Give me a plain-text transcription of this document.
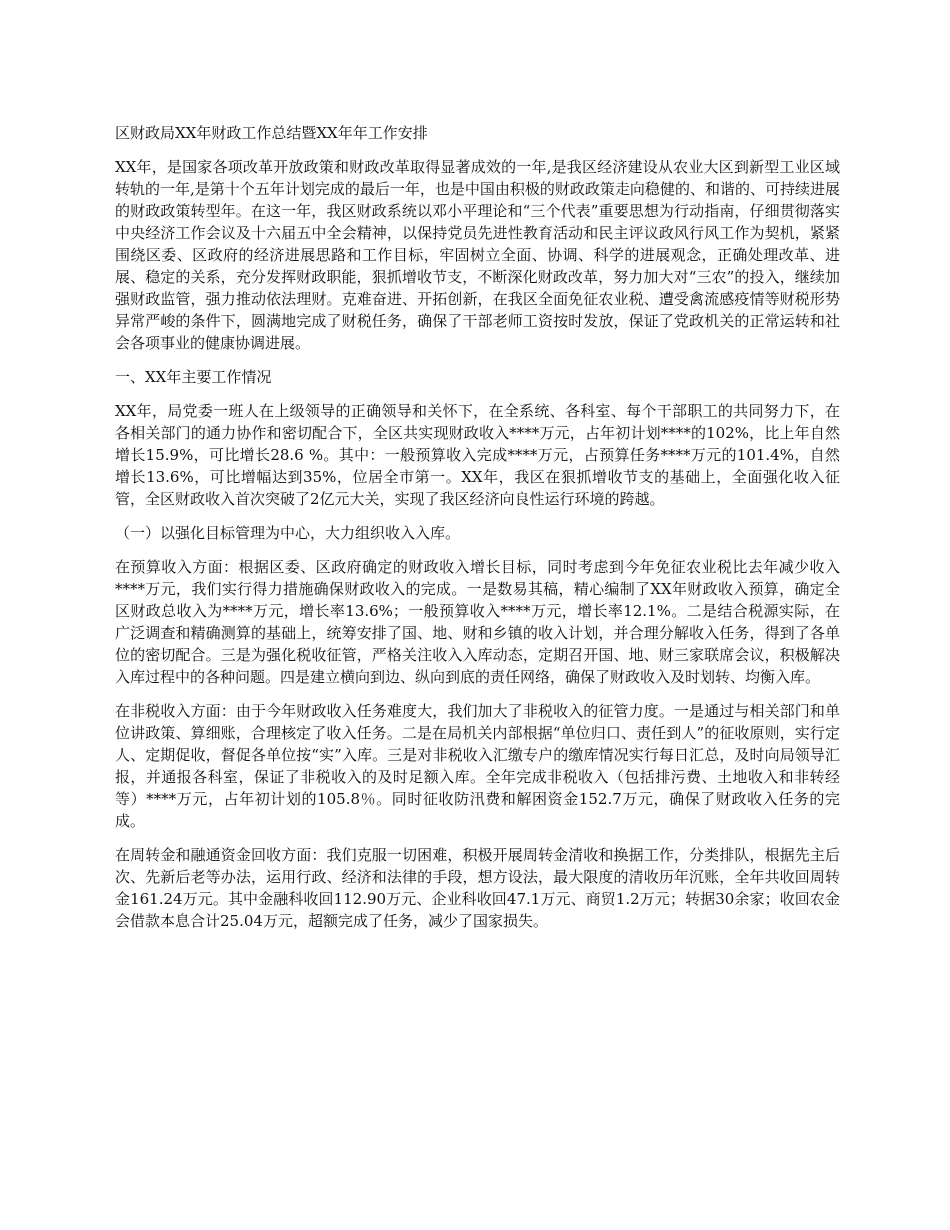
区财政局XX年财政工作总结暨XX年年工作安排

XX年，是国家各项改革开放政策和财政改革取得显著成效的一年,是我区经济建设从农业大区到新型工业区域转轨的一年,是第十个五年计划完成的最后一年，也是中国由积极的财政政策走向稳健的、和谐的、可持续进展的财政政策转型年。在这一年，我区财政系统以邓小平理论和“三个代表”重要思想为行动指南，仔细贯彻落实中央经济工作会议及十六届五中全会精神，以保持党员先进性教育活动和民主评议政风行风工作为契机，紧紧围绕区委、区政府的经济进展思路和工作目标，牢固树立全面、协调、科学的进展观念，正确处理改革、进展、稳定的关系，充分发挥财政职能，狠抓增收节支，不断深化财政改革，努力加大对“三农”的投入，继续加强财政监管，强力推动依法理财。克难奋进、开拓创新，在我区全面免征农业税、遭受禽流感疫情等财税形势异常严峻的条件下，圆满地完成了财税任务，确保了干部老师工资按时发放，保证了党政机关的正常运转和社会各项事业的健康协调进展。

一、XX年主要工作情况

XX年，局党委一班人在上级领导的正确领导和关怀下，在全系统、各科室、每个干部职工的共同努力下，在各相关部门的通力协作和密切配合下，全区共实现财政收入****万元，占年初计划****的102%，比上年自然增长15.9%，可比增长28.6 %。其中：一般预算收入完成****万元，占预算任务****万元的101.4%，自然增长13.6%，可比增幅达到35%，位居全市第一。XX年，我区在狠抓增收节支的基础上，全面强化收入征管，全区财政收入首次突破了2亿元大关，实现了我区经济向良性运行环境的跨越。

（一）以强化目标管理为中心，大力组织收入入库。

在预算收入方面：根据区委、区政府确定的财政收入增长目标，同时考虑到今年免征农业税比去年减少收入****万元，我们实行得力措施确保财政收入的完成。一是数易其稿，精心编制了XX年财政收入预算，确定全区财政总收入为****万元，增长率13.6%；一般预算收入****万元，增长率12.1%。二是结合税源实际，在广泛调查和精确测算的基础上，统筹安排了国、地、财和乡镇的收入计划，并合理分解收入任务，得到了各单位的密切配合。三是为强化税收征管，严格关注收入入库动态，定期召开国、地、财三家联席会议，积极解决入库过程中的各种问题。四是建立横向到边、纵向到底的责任网络，确保了财政收入及时划转、均衡入库。

在非税收入方面：由于今年财政收入任务难度大，我们加大了非税收入的征管力度。一是通过与相关部门和单位讲政策、算细账，合理核定了收入任务。二是在局机关内部根据“单位归口、责任到人”的征收原则，实行定人、定期促收，督促各单位按“实”入库。三是对非税收入汇缴专户的缴库情况实行每日汇总，及时向局领导汇报，并通报各科室，保证了非税收入的及时足额入库。全年完成非税收入（包括排污费、土地收入和非转经等）****万元，占年初计划的105.8％。同时征收防汛费和解困资金152.7万元，确保了财政收入任务的完成。

在周转金和融通资金回收方面：我们克服一切困难，积极开展周转金清收和换据工作，分类排队，根据先主后次、先新后老等办法，运用行政、经济和法律的手段，想方设法，最大限度的清收历年沉账，全年共收回周转金161.24万元。其中金融科收回112.90万元、企业科收回47.1万元、商贸1.2万元；转据30余家；收回农金会借款本息合计25.04万元，超额完成了任务，减少了国家损失。
